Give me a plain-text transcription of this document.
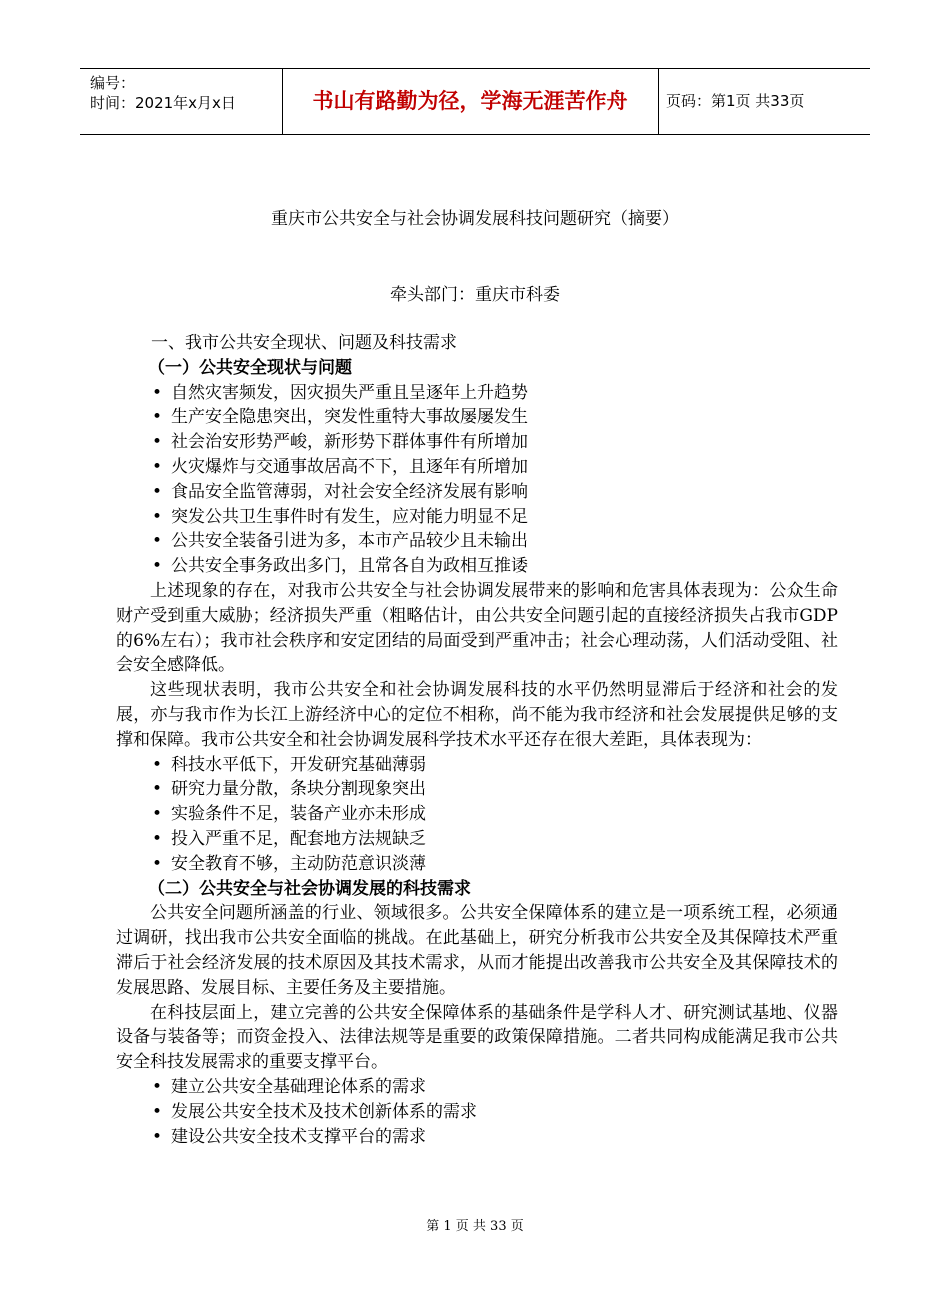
编号：
时间：2021年x月x日	书山有路勤为径，学海无涯苦作舟	页码：第1页 共33页
重庆市公共安全与社会协调发展科技问题研究（摘要）
牵头部门：重庆市科委
一、我市公共安全现状、问题及科技需求
（一）公共安全现状与问题
• 自然灾害频发，因灾损失严重且呈逐年上升趋势
• 生产安全隐患突出，突发性重特大事故屡屡发生
• 社会治安形势严峻，新形势下群体事件有所增加
• 火灾爆炸与交通事故居高不下，且逐年有所增加
• 食品安全监管薄弱，对社会安全经济发展有影响
• 突发公共卫生事件时有发生，应对能力明显不足
• 公共安全装备引进为多，本市产品较少且未输出
• 公共安全事务政出多门，且常各自为政相互推诿
上述现象的存在，对我市公共安全与社会协调发展带来的影响和危害具体表现为：公众生命财产受到重大威胁；经济损失严重（粗略估计，由公共安全问题引起的直接经济损失占我市GDP的6%左右）；我市社会秩序和安定团结的局面受到严重冲击；社会心理动荡，人们活动受阻、社会安全感降低。
这些现状表明，我市公共安全和社会协调发展科技的水平仍然明显滞后于经济和社会的发展，亦与我市作为长江上游经济中心的定位不相称，尚不能为我市经济和社会发展提供足够的支撑和保障。我市公共安全和社会协调发展科学技术水平还存在很大差距，具体表现为：
• 科技水平低下，开发研究基础薄弱
• 研究力量分散，条块分割现象突出
• 实验条件不足，装备产业亦未形成
• 投入严重不足，配套地方法规缺乏
• 安全教育不够，主动防范意识淡薄
（二）公共安全与社会协调发展的科技需求
公共安全问题所涵盖的行业、领域很多。公共安全保障体系的建立是一项系统工程，必须通过调研，找出我市公共安全面临的挑战。在此基础上，研究分析我市公共安全及其保障技术严重滞后于社会经济发展的技术原因及其技术需求，从而才能提出改善我市公共安全及其保障技术的发展思路、发展目标、主要任务及主要措施。
在科技层面上，建立完善的公共安全保障体系的基础条件是学科人才、研究测试基地、仪器设备与装备等；而资金投入、法律法规等是重要的政策保障措施。二者共同构成能满足我市公共安全科技发展需求的重要支撑平台。
• 建立公共安全基础理论体系的需求
• 发展公共安全技术及技术创新体系的需求
• 建设公共安全技术支撑平台的需求
第 1 页 共 33 页
